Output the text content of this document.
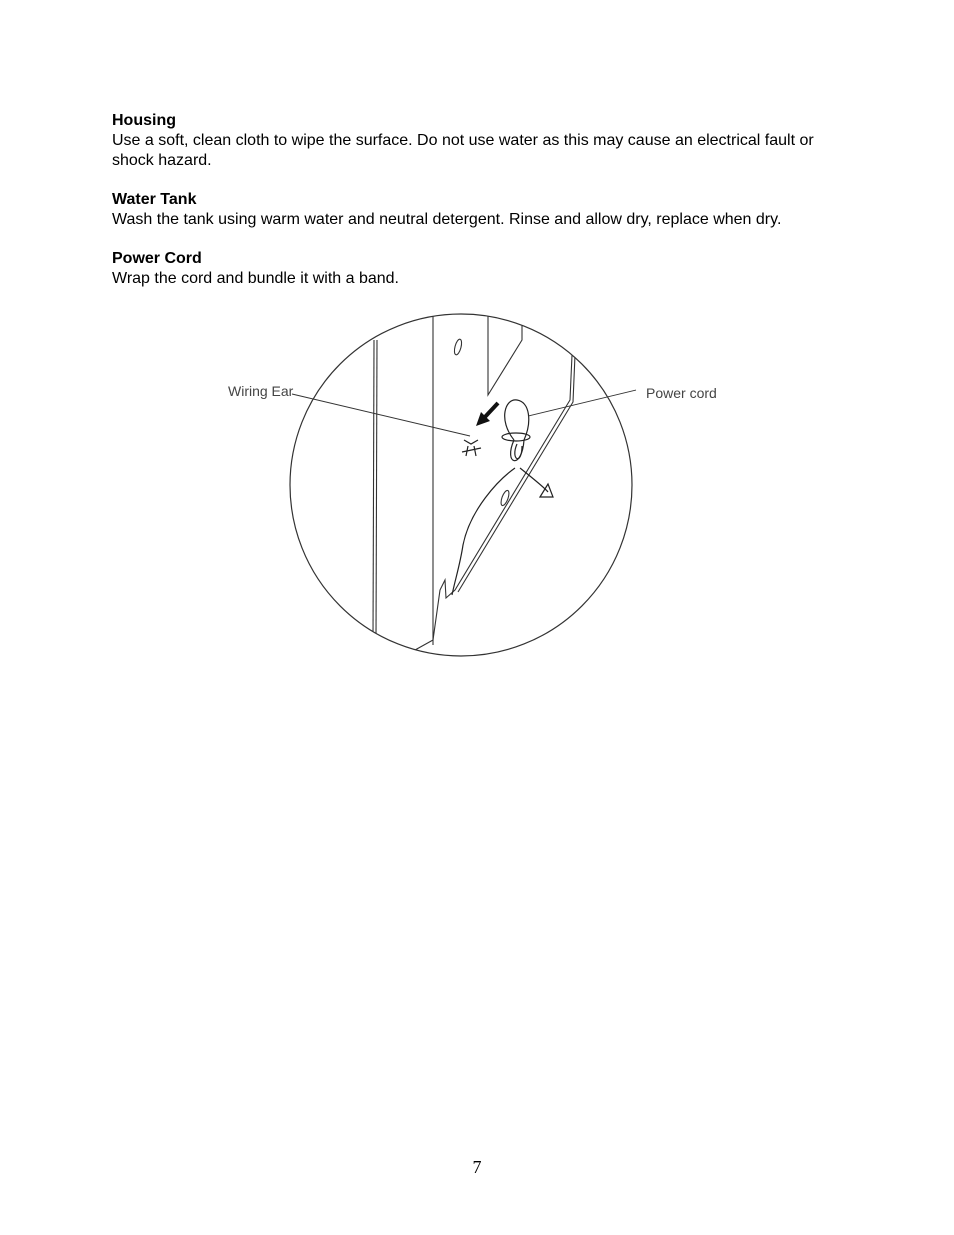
Housing

Use a soft, clean cloth to wipe the surface. Do not use water as this may cause an electrical fault or shock hazard.

Water Tank

Wash the tank using warm water and neutral detergent. Rinse and allow dry, replace when dry.

Power Cord

Wrap the cord and bundle it with a band.

Wiring Ear	Power cord
7
